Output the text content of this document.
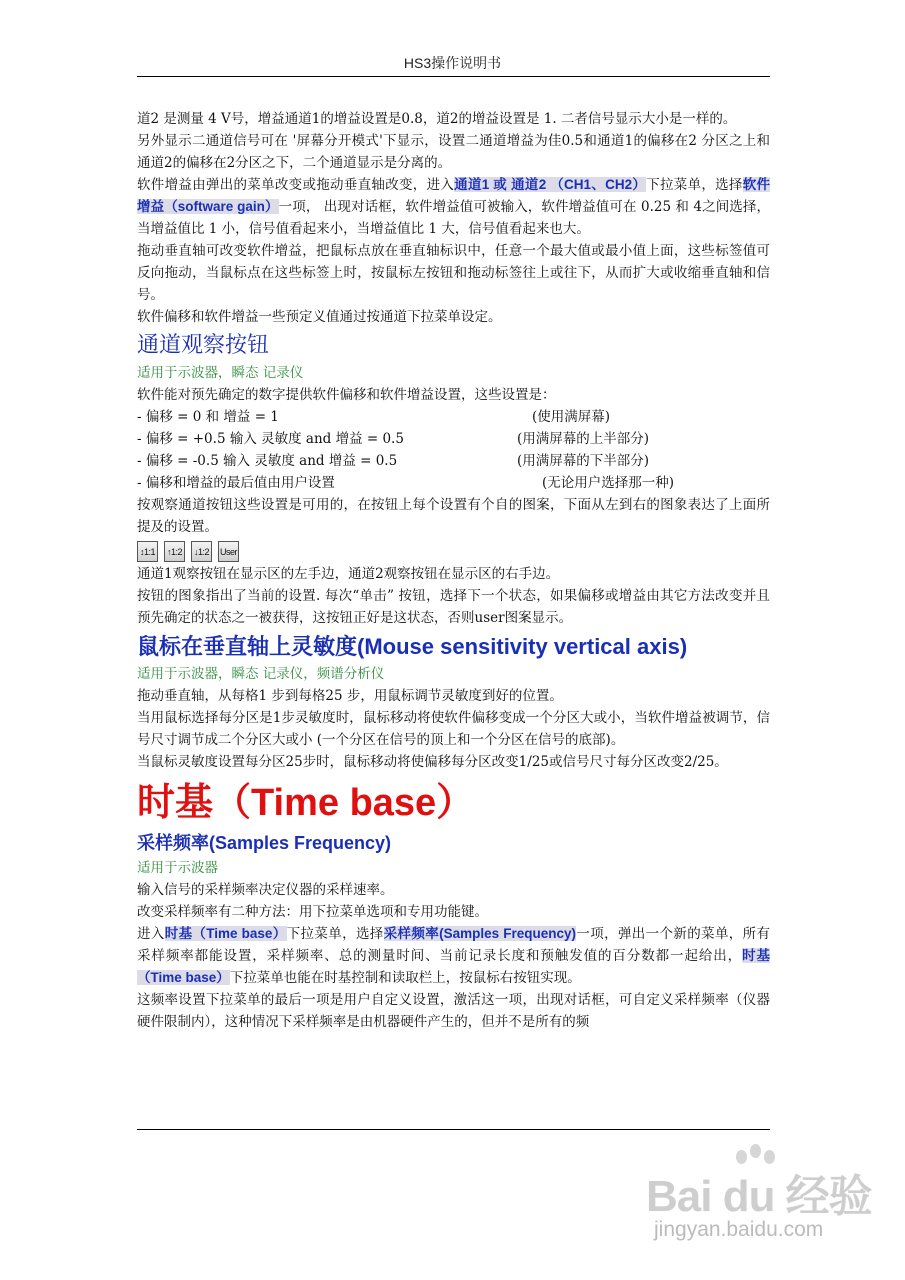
HS3操作说明书

道2 是测量 4 V号，增益通道1的增益设置是0.8，道2的增益设置是 1. 二者信号显示大小是一样的。

另外显示二通道信号可在 '屏幕分开模式'下显示，设置二通道增益为佳0.5和通道1的偏移在2 分区之上和通道2的偏移在2分区之下，二个通道显示是分离的。

软件增益由弹出的菜单改变或拖动垂直轴改变，进入通道1 或 通道2 （CH1、CH2）下拉菜单，选择软件增益（software gain）一项， 出现对话框，软件增益值可被输入，软件增益值可在 0.25 和 4之间选择，当增益值比 1 小，信号值看起来小，当增益值比 1 大，信号值看起来也大。

拖动垂直轴可改变软件增益，把鼠标点放在垂直轴标识中，任意一个最大值或最小值上面，这些标签值可反向拖动，当鼠标点在这些标签上时，按鼠标左按钮和拖动标签往上或往下，从而扩大或收缩垂直轴和信号。

软件偏移和软件增益一些预定义值通过按通道下拉菜单设定。

通道观察按钮

适用于示波器，瞬态 记录仪

软件能对预先确定的数字提供软件偏移和软件增益设置，这些设置是：

- 偏移 = 0 和 增益 = 1	(使用满屏幕)
- 偏移 = +0.5 输入 灵敏度 and 增益 = 0.5	(用满屏幕的上半部分)
- 偏移 = -0.5 输入 灵敏度 and 增益 = 0.5	(用满屏幕的下半部分)
- 偏移和增益的最后值由用户设置	(无论用户选择那一种)

按观察通道按钮这些设置是可用的，在按钮上每个设置有个自的图案，下面从左到右的图象表达了上面所提及的设置。

↕1:1	↑1:2	↓1:2	User

通道1观察按钮在显示区的左手边，通道2观察按钮在显示区的右手边。

按钮的图象指出了当前的设置. 每次“单击” 按钮，选择下一个状态，如果偏移或增益由其它方法改变并且预先确定的状态之一被获得，这按钮正好是这状态，否则user图案显示。

鼠标在垂直轴上灵敏度(Mouse sensitivity vertical axis)

适用于示波器，瞬态 记录仪，频谱分析仪

拖动垂直轴，从每格1 步到每格25 步，用鼠标调节灵敏度到好的位置。

当用鼠标选择每分区是1步灵敏度时，鼠标移动将使软件偏移变成一个分区大或小，当软件增益被调节，信号尺寸调节成二个分区大或小 (一个分区在信号的顶上和一个分区在信号的底部)。

当鼠标灵敏度设置每分区25步时，鼠标移动将使偏移每分区改变1/25或信号尺寸每分区改变2/25。

时基（Time base）
采样频率(Samples Frequency)

适用于示波器

输入信号的采样频率决定仪器的采样速率。

改变采样频率有二种方法：用下拉菜单选项和专用功能键。

进入时基（Time base）下拉菜单，选择采样频率(Samples Frequency)一项，弹出一个新的菜单，所有采样频率都能设置，采样频率、总的测量时间、当前记录长度和预触发值的百分数都一起给出，时基（Time base）下拉菜单也能在时基控制和读取栏上，按鼠标右按钮实现。

这频率设置下拉菜单的最后一项是用户自定义设置，激活这一项，出现对话框，可自定义采样频率（仪器硬件限制内），这种情况下采样频率是由机器硬件产生的，但并不是所有的频

Bai du 经验
jingyan.baidu.com
